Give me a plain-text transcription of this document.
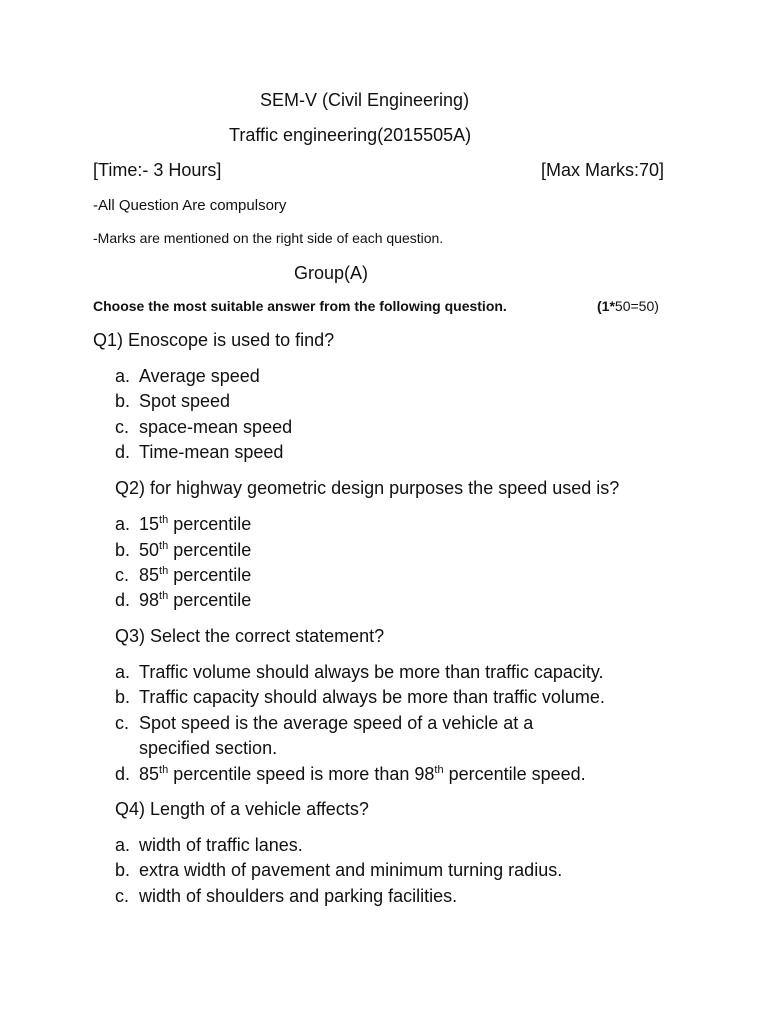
SEM-V (Civil Engineering)
Traffic engineering(2015505A)
[Time:- 3 Hours]	[Max Marks:70]
-All Question Are compulsory
-Marks are mentioned on the right side of each question.
Group(A)
Choose the most suitable answer from the following question.	(1*50=50)
Q1) Enoscope is used to find?
a. Average speed
b. Spot speed
c. space-mean speed
d. Time-mean speed
Q2) for highway geometric design purposes the speed used is?
a. 15th percentile
b. 50th percentile
c. 85th percentile
d. 98th percentile
Q3) Select the correct statement?
a. Traffic volume should always be more than traffic capacity.
b. Traffic capacity should always be more than traffic volume.
c. Spot speed is the average speed of a vehicle at a
specified section.
d. 85th percentile speed is more than 98th percentile speed.
Q4) Length of a vehicle affects?
a. width of traffic lanes.
b. extra width of pavement and minimum turning radius.
c. width of shoulders and parking facilities.
